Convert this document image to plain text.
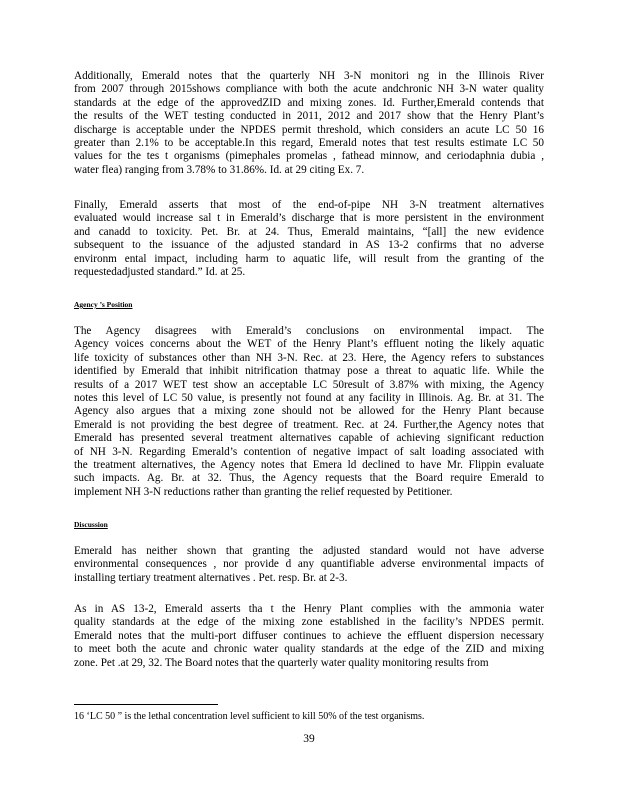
Additionally, Emerald notes that the quarterly NH 3-N monitori ng in the Illinois River
from 2007 through 2015shows compliance with both the acute andchronic NH 3-N water quality
standards at the edge of the approvedZID and mixing zones. Id. Further,Emerald contends that
the results of the WET testing conducted in 2011, 2012 and 2017 show that the Henry Plant’s
discharge is acceptable under the NPDES permit threshold, which considers an acute LC 50 16
greater than 2.1% to be acceptable.In this regard, Emerald notes that test results estimate LC 50
values for the tes t organisms (pimephales promelas , fathead minnow, and ceriodaphnia dubia ,
water flea) ranging from 3.78% to 31.86%. Id. at 29 citing Ex. 7.
Finally, Emerald asserts that most of the end-of-pipe NH 3-N treatment alternatives
evaluated would increase sal t in Emerald’s discharge that is more persistent in the environment
and canadd to toxicity. Pet. Br. at 24. Thus, Emerald maintains, “[all] the new evidence
subsequent to the issuance of the adjusted standard in AS 13-2 confirms that no adverse
environm ental impact, including harm to aquatic life, will result from the granting of the
requestedadjusted standard.” Id. at 25.
The Agency disagrees with Emerald’s conclusions on environmental impact. The
Agency voices concerns about the WET of the Henry Plant’s effluent noting the likely aquatic
life toxicity of substances other than NH 3-N. Rec. at 23. Here, the Agency refers to substances
identified by Emerald that inhibit nitrification thatmay pose a threat to aquatic life. While the
results of a 2017 WET test show an acceptable LC 50result of 3.87% with mixing, the Agency
notes this level of LC 50 value, is presently not found at any facility in Illinois. Ag. Br. at 31. The
Agency also argues that a mixing zone should not be allowed for the Henry Plant because
Emerald is not providing the best degree of treatment. Rec. at 24. Further,the Agency notes that
Emerald has presented several treatment alternatives capable of achieving significant reduction
of NH 3-N. Regarding Emerald’s contention of negative impact of salt loading associated with
the treatment alternatives, the Agency notes that Emera ld declined to have Mr. Flippin evaluate
such impacts. Ag. Br. at 32. Thus, the Agency requests that the Board require Emerald to
implement NH 3-N reductions rather than granting the relief requested by Petitioner.
Emerald has neither shown that granting the adjusted standard would not have adverse
environmental consequences , nor provide d any quantifiable adverse environmental impacts of
installing tertiary treatment alternatives . Pet. resp. Br. at 2-3.
As in AS 13-2, Emerald asserts tha t the Henry Plant complies with the ammonia water
quality standards at the edge of the mixing zone established in the facility’s NPDES permit.
Emerald notes that the multi-port diffuser continues to achieve the effluent dispersion necessary
to meet both the acute and chronic water quality standards at the edge of the ZID and mixing
zone. Pet .at 29, 32. The Board notes that the quarterly water quality monitoring results from
Agency ’s Position
Discussion
16 ‘LC 50 ” is the lethal concentration level sufficient to kill 50% of the test organisms.
39
